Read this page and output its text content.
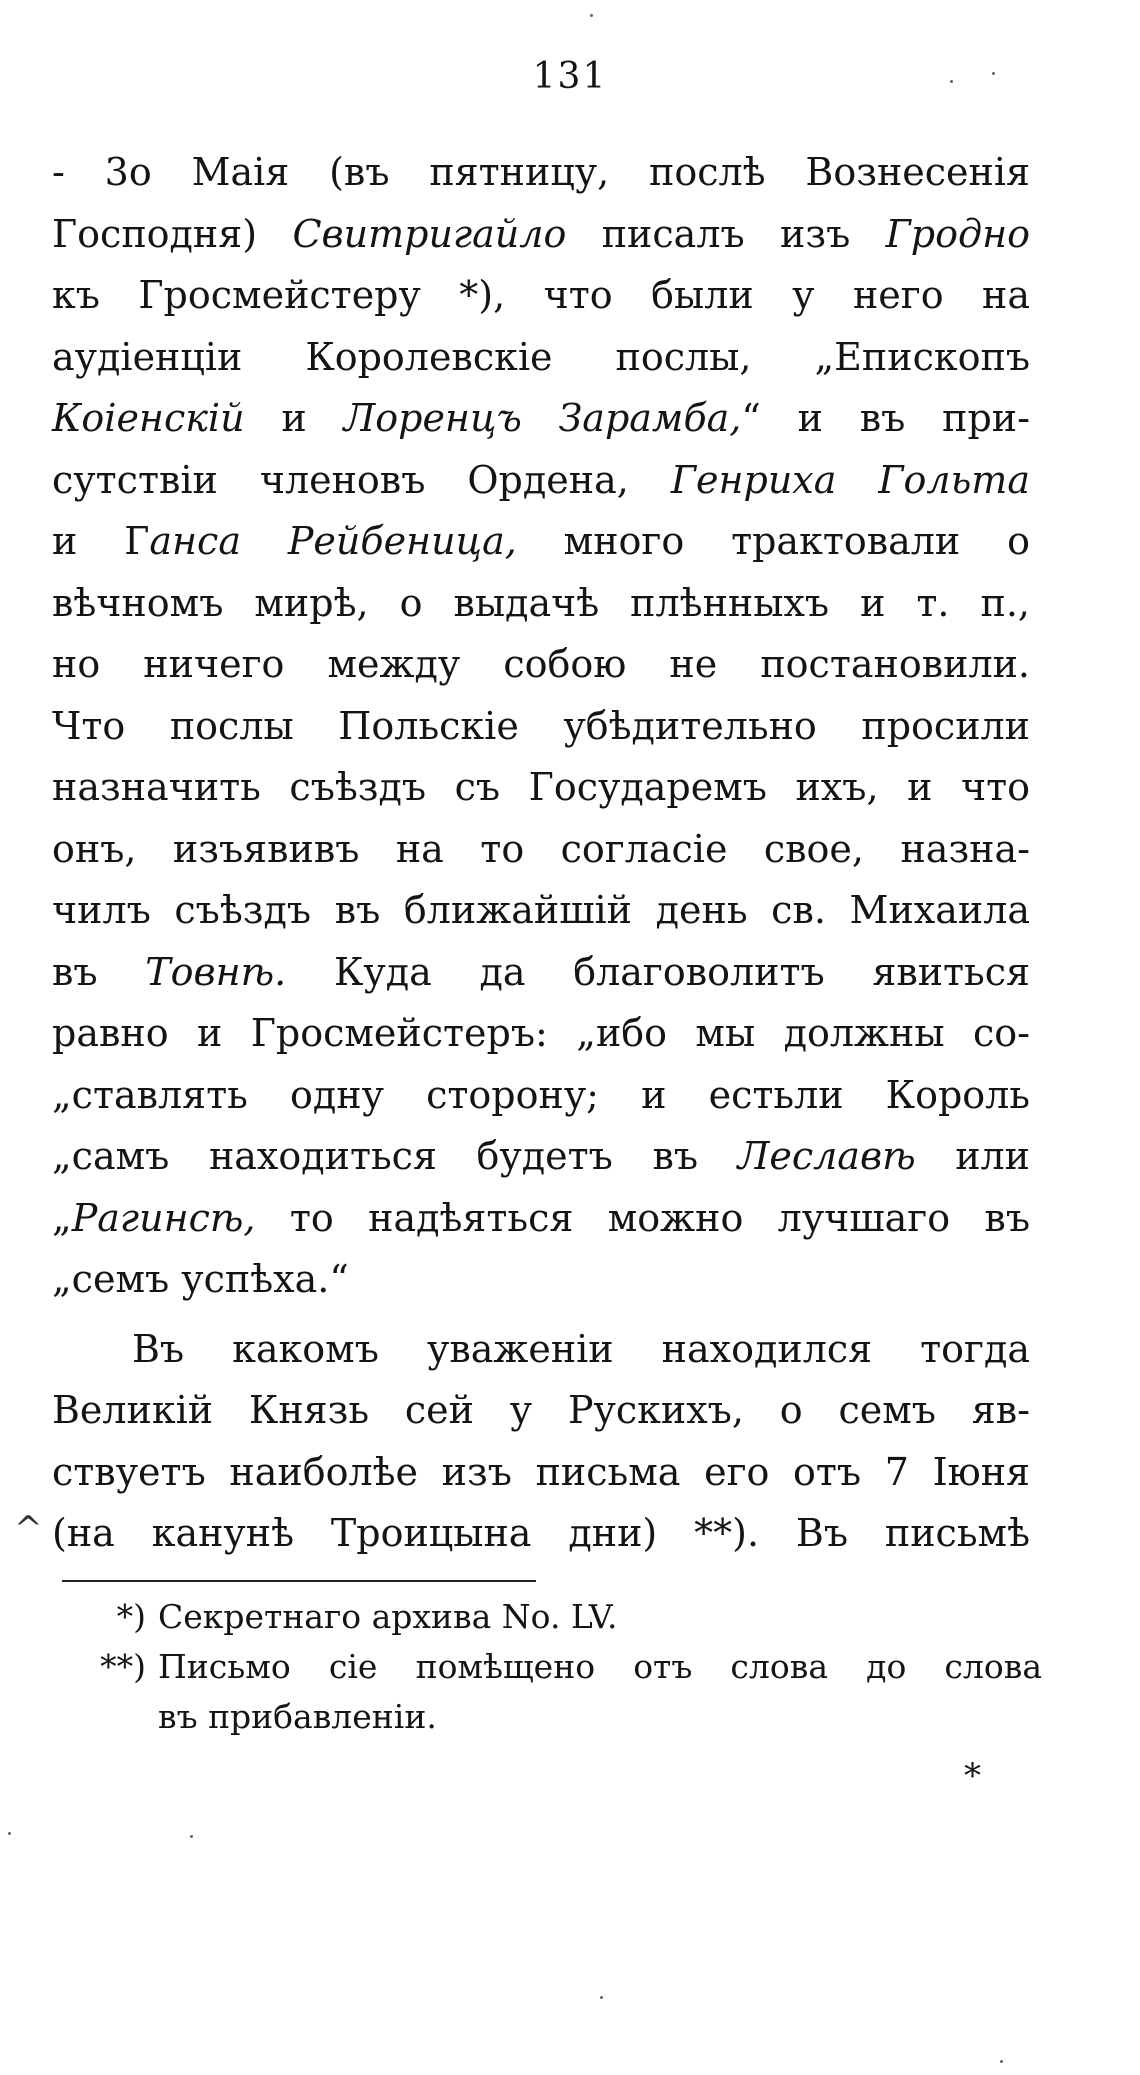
131
- 3о Маія (въ пятницу, послѣ Вознесенія
Господня) Свитригайло писалъ изъ Гродно
къ Гросмейстеру *), что были у него на
аудіенціи Королевскіе послы, „Епископъ
Коіенскій и Лоренцъ Зарамба,“ и въ при-
сутствіи членовъ Ордена, Генриха Гольта
и Ганса Рейбеница, много трактовали о
вѣчномъ мирѣ, о выдачѣ плѣнныхъ и т. п.,
но ничего между собою не постановили.
Что послы Польскіе убѣдительно просили
назначить съѣздъ съ Государемъ ихъ, и что
онъ, изъявивъ на то согласіе свое, назна-
чилъ съѣздъ въ ближайшій день св. Михаила
въ Товнѣ. Куда да благоволитъ явиться
равно и Гросмейстеръ: „ибо мы должны со-
„ставлять одну сторону; и естьли Король
„самъ находиться будетъ въ Леславѣ или
„Рагинсѣ, то надѣяться можно лучшаго въ
„семъ успѣха.“
Въ какомъ уваженіи находился тогда
Великій Князь сей у Рускихъ, о семъ яв-
ствуетъ наиболѣе изъ письма его отъ 7 Іюня
^ (на канунѣ Троицына дни) **). Въ письмѣ
*) Секретнаго архива No. LV.
**) Письмо сіе помѣщено отъ слова до слова
въ прибавленіи.
*
